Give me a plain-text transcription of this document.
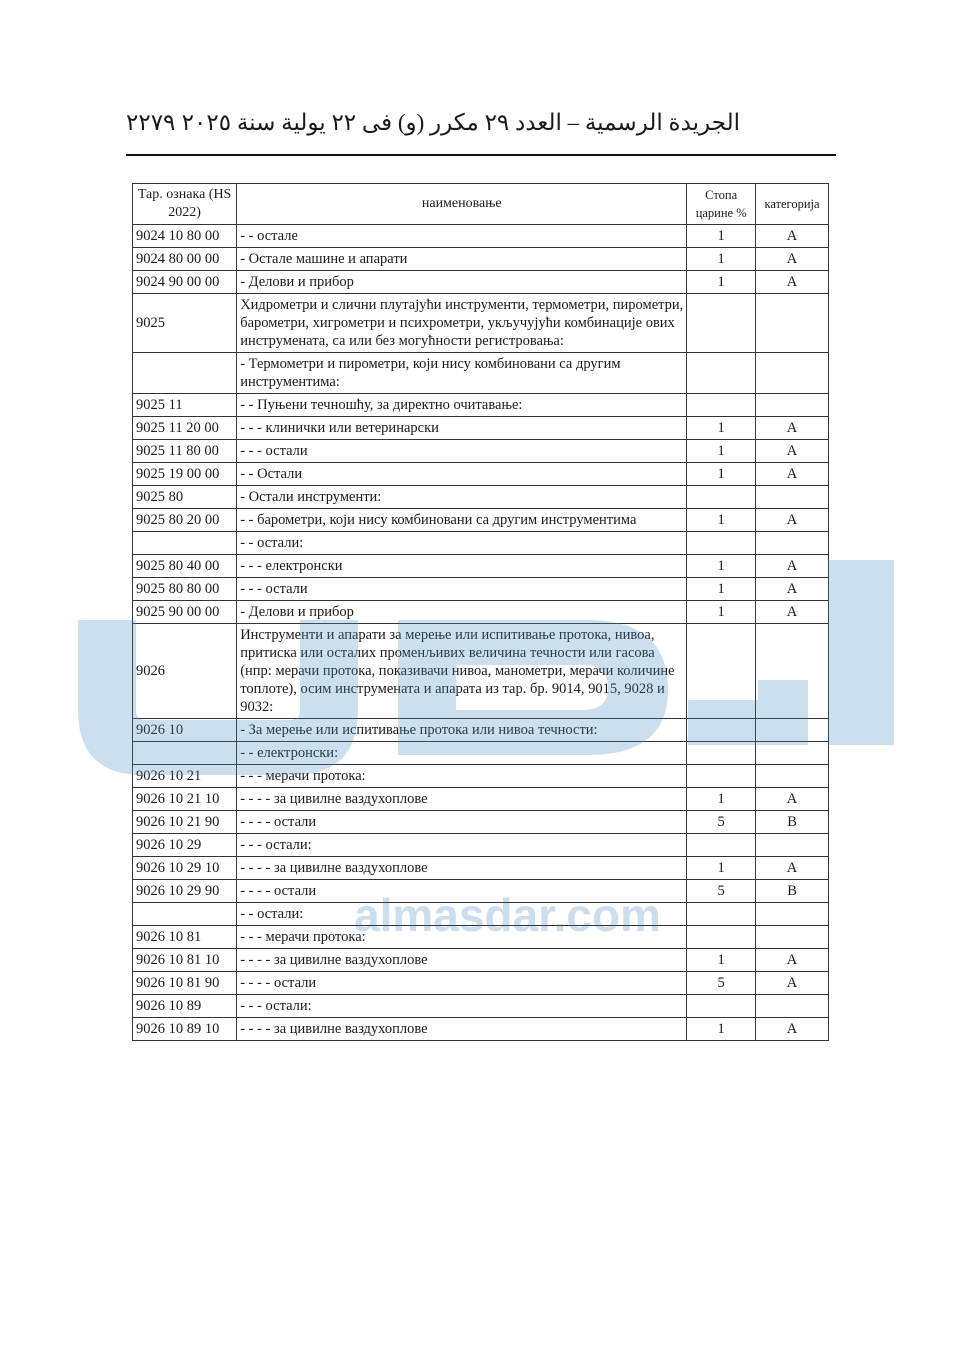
٢٢٧٩ الجريدة الرسمية – العدد ٢٩ مكرر (و) فى ٢٢ يولية سنة ٢٠٢٥
Тар. ознака (HS 2022)	наименовање	Стопа царине %	категорија
9024 10 80 00	- - остале	1	A
9024 80 00 00	- Остале машине и апарати	1	A
9024 90 00 00	- Делови и прибор	1	A
9025	Хидрометри и слични плутајући инструменти, термометри, пирометри, барометри, хигрометри и психрометри, укључујући комбинације ових инструмената, са или без могућности регистровања:		
	- Термометри и пирометри, који нису комбиновани са другим инструментима:		
9025 11	- - Пуњени течношћу, за директно очитавање:		
9025 11 20 00	- - - клинички или ветеринарски	1	A
9025 11 80 00	- - - остали	1	A
9025 19 00 00	- - Остали	1	A
9025 80	- Остали инструменти:		
9025 80 20 00	- - барометри, који нису комбиновани са другим инструментима	1	A
	- - остали:		
9025 80 40 00	- - - електронски	1	A
9025 80 80 00	- - - остали	1	A
9025 90 00 00	- Делови и прибор	1	A
9026	Инструменти и апарати за мерење или испитивање протока, нивоа, притиска или осталих променљивих величина течности или гасова (нпр: мерачи протока, показивачи нивоа, манометри, мерачи количине топлоте), осим инструмената и апарата из тар. бр. 9014, 9015, 9028 и 9032:		
9026 10	- За мерење или испитивање протока или нивоа течности:		
	- - електронски:		
9026 10 21	- - - мерачи протока:		
9026 10 21 10	- - - - за цивилне ваздухоплове	1	A
9026 10 21 90	- - - - остали	5	B
9026 10 29	- - - остали:		
9026 10 29 10	- - - - за цивилне ваздухоплове	1	A
9026 10 29 90	- - - - остали	5	B
	- - остали:		
9026 10 81	- - - мерачи протока:		
9026 10 81 10	- - - - за цивилне ваздухоплове	1	A
9026 10 81 90	- - - - остали	5	A
9026 10 89	- - - остали:		
9026 10 89 10	- - - - за цивилне ваздухоплове	1	A
almasdar.com
